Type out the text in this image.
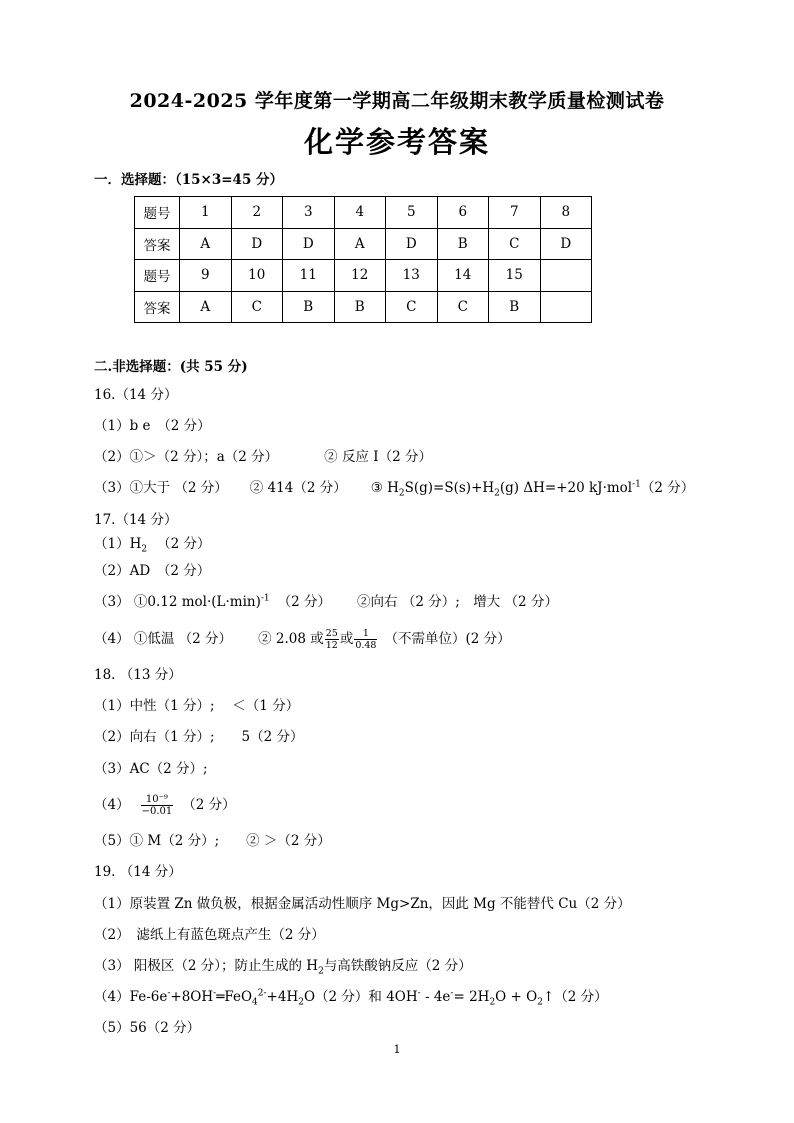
2024-2025 学年度第一学期高二年级期末教学质量检测试卷
化学参考答案
一．选择题：（15×3=45 分）
题号	1	2	3	4	5	6	7	8
答案	A	D	D	A	D	B	C	D
题号	9	10	11	12	13	14	15	
答案	A	C	B	B	C	C	B	
二.非选择题：(共 55 分)
16.（14 分）
（1）b e　（2 分）
（2）①＞（2 分）；a（2 分）	② 反应 Ⅰ（2 分）
（3）①大于 （2 分） ② 414（2 分） ③ $H_2S(g)=S(s)+H_2(g)$ ΔH=+20 kJ·mol$^{-1}$（2 分）
17.（14 分）
$(1)H_2$ （2 分）
（2）AD　（2 分）
（3） ①0.12 $mol\cdot(L\cdot\min)^{-1}$ （2 分） ②向右 （2 分）;　增大 （2 分）
（4） ①低温 （2 分） ② 2.08 或 $\frac{25}{12}$ 或 $\frac{1}{0.48}$ （不需单位）(2 分）
18. （13 分）
（1）中性（1 分）;　 ＜（1 分）
（2）向右（1 分）;　　5（2 分）
（3）AC（2 分）;
$(4) \frac{\text{10⁻⁹}}{-0.01} (2$ 分）
（5）① M（2 分）;　　② ＞（2 分）
19. （14 分）
（1）原装置 Zn 做负极，根据金属活动性顺序 Mg>Zn，因此 Mg 不能替代 Cu（2 分）
（2）　滤纸上有蓝色斑点产生（2 分）
（3） 阳极区（2 分）；防止生成的 $H_2$与高铁酸钠反应（2 分）
$(4)Fe-6e^-+8OH^-═FeO_4^{2-}+4H_2O(2$ 分）和 $4OH^- - 4e^-= 2H_2O$ + $O_2↑(2$ 分）
（5）56（2 分）
1
